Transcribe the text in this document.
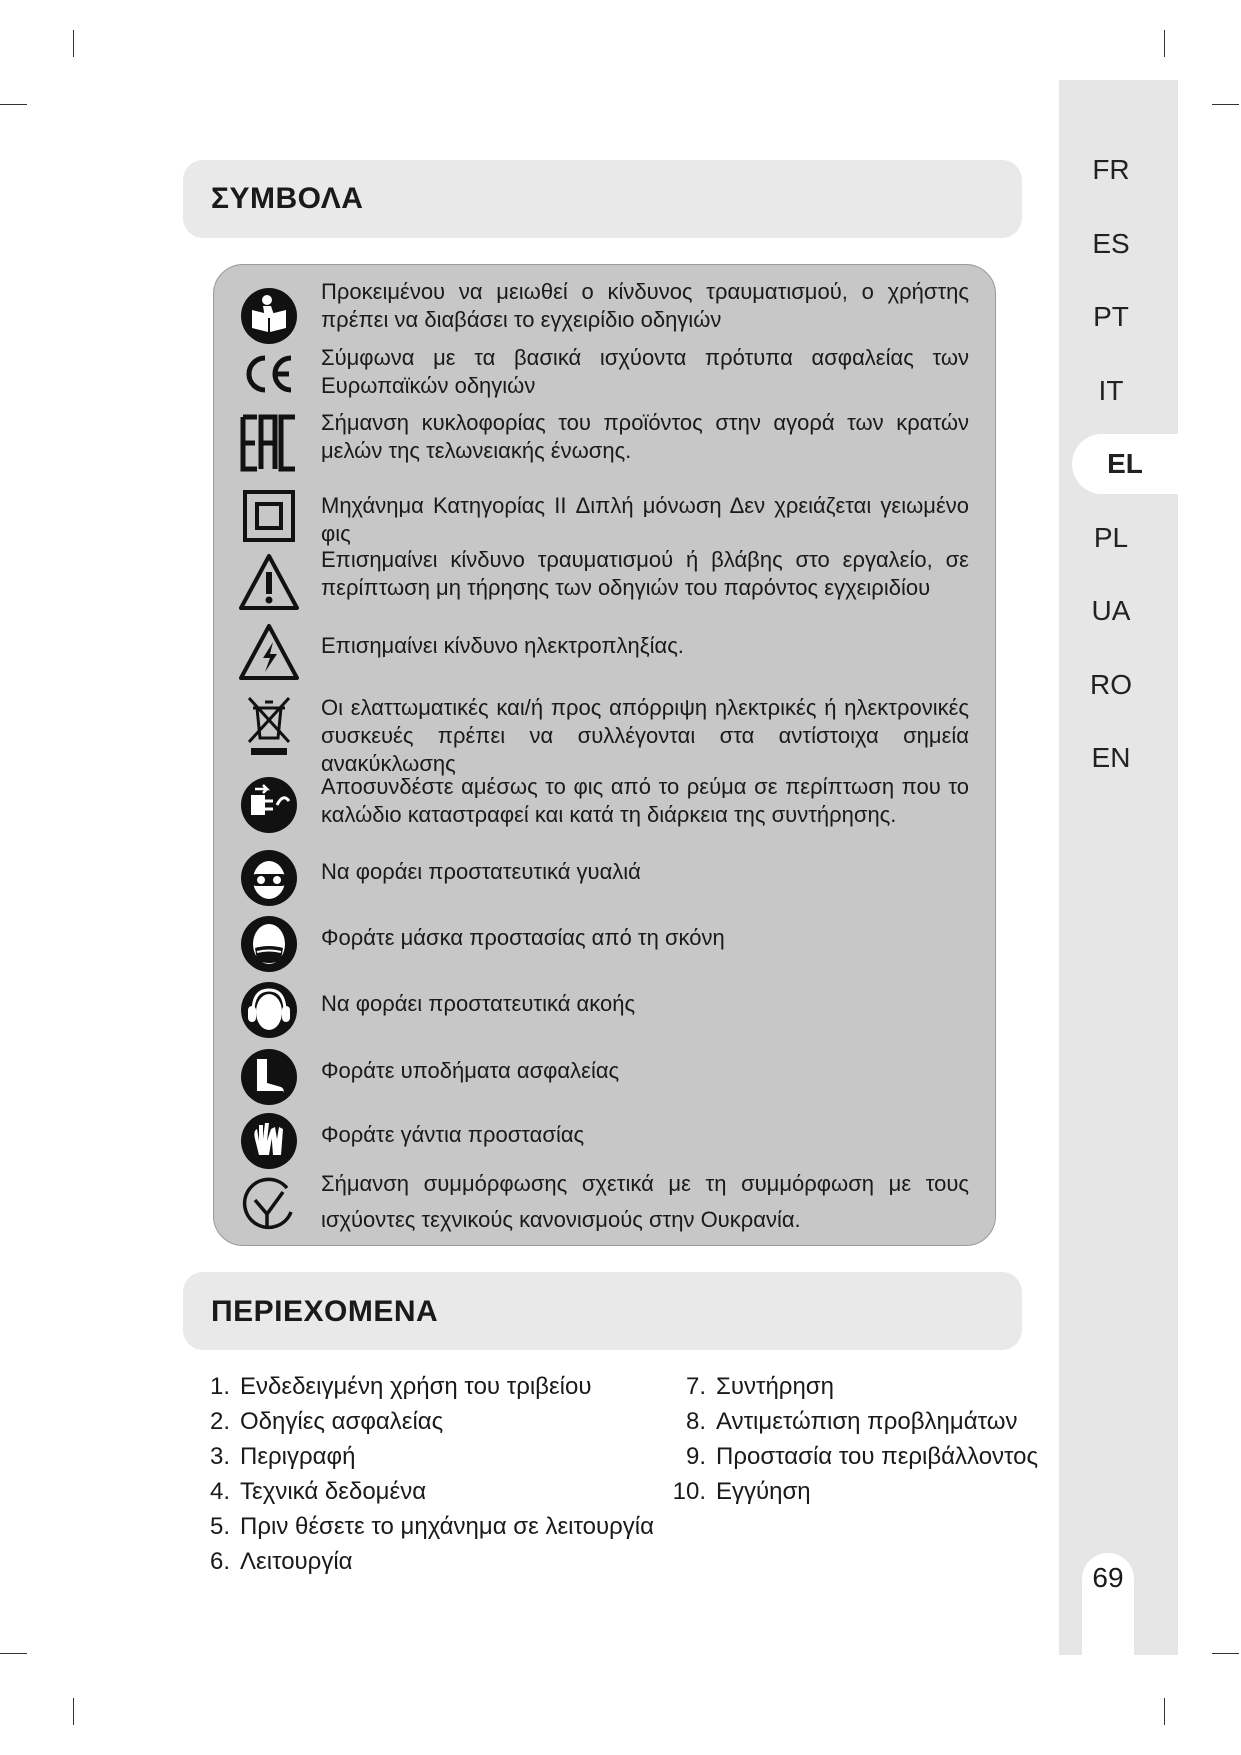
FR
ES
PT
IT
EL
PL
UA
RO
EN
69
ΣΥΜΒΟΛΑ
Προκειμένου να μειωθεί ο κίνδυνος τραυματισμού, ο χρήστης πρέπει να διαβάσει το εγχειρίδιο οδηγιών
Σύμφωνα με τα βασικά ισχύοντα πρότυπα ασφαλείας των Ευρωπαϊκών οδηγιών
Σήμανση κυκλοφορίας του προϊόντος στην αγορά των κρατών μελών της τελωνειακής ένωσης.
Μηχάνημα Κατηγορίας II Διπλή μόνωση Δεν χρειάζεται γειωμένο φις
Επισημαίνει κίνδυνο τραυματισμού ή βλάβης στο εργαλείο, σε περίπτωση μη τήρησης των οδηγιών του παρόντος εγχειριδίου
Επισημαίνει κίνδυνο ηλεκτροπληξίας.
Οι ελαττωματικές και/ή προς απόρριψη ηλεκτρικές ή ηλεκτρονικές συσκευές πρέπει να συλλέγονται στα αντίστοιχα σημεία ανακύκλωσης
Αποσυνδέστε αμέσως το φις από το ρεύμα σε περίπτωση που το καλώδιο καταστραφεί και κατά τη διάρκεια της συντήρησης.
Να φοράει προστατευτικά γυαλιά
Φοράτε μάσκα προστασίας από τη σκόνη
Να φοράει προστατευτικά ακοής
Φοράτε υποδήματα ασφαλείας
Φοράτε γάντια προστασίας
Σήμανση συμμόρφωσης σχετικά με τη συμμόρφωση με τους ισχύοντες τεχνικούς κανονισμούς στην Ουκρανία.
ΠΕΡΙΕΧΟΜΕΝΑ
1. Ενδεδειγμένη χρήση του τριβείου
2. Οδηγίες ασφαλείας
3. Περιγραφή
4. Τεχνικά δεδομένα
5. Πριν θέσετε το μηχάνημα σε λειτουργία
6. Λειτουργία
7. Συντήρηση
8. Αντιμετώπιση προβλημάτων
9. Προστασία του περιβάλλοντος
10. Εγγύηση
